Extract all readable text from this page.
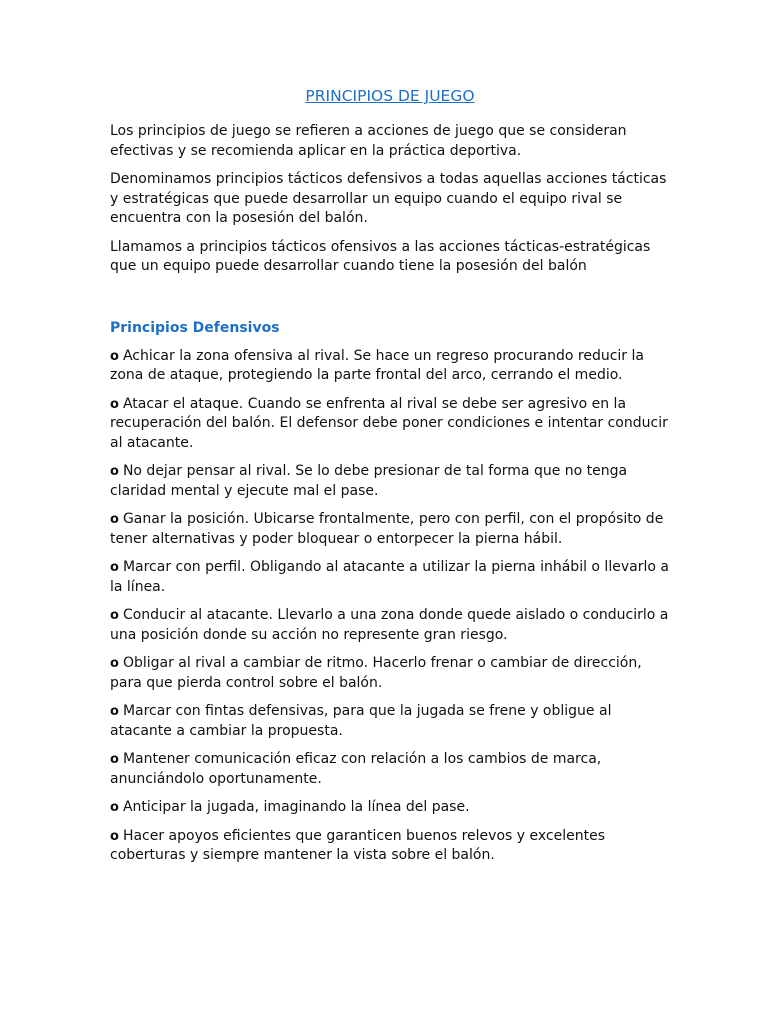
PRINCIPIOS DE JUEGO

Los principios de juego se refieren a acciones de juego que se consideran efectivas y se recomienda aplicar en la práctica deportiva.

Denominamos principios tácticos defensivos a todas aquellas acciones tácticas y estratégicas que puede desarrollar un equipo cuando el equipo rival se encuentra con la posesión del balón.

Llamamos a principios tácticos ofensivos a las acciones tácticas-estratégicas que un equipo puede desarrollar cuando tiene la posesión del balón

Principios Defensivos

o Achicar la zona ofensiva al rival. Se hace un regreso procurando reducir la zona de ataque, protegiendo la parte frontal del arco, cerrando el medio.

o Atacar el ataque. Cuando se enfrenta al rival se debe ser agresivo en la recuperación del balón. El defensor debe poner condiciones e intentar conducir al atacante.

o No dejar pensar al rival. Se lo debe presionar de tal forma que no tenga claridad mental y ejecute mal el pase.

o Ganar la posición. Ubicarse frontalmente, pero con perfil, con el propósito de tener alternativas y poder bloquear o entorpecer la pierna hábil.

o Marcar con perfil. Obligando al atacante a utilizar la pierna inhábil o llevarlo a la línea.

o Conducir al atacante. Llevarlo a una zona donde quede aislado o conducirlo a una posición donde su acción no represente gran riesgo.

o Obligar al rival a cambiar de ritmo. Hacerlo frenar o cambiar de dirección, para que pierda control sobre el balón.

o Marcar con fintas defensivas, para que la jugada se frene y obligue al atacante a cambiar la propuesta.

o Mantener comunicación eficaz con relación a los cambios de marca, anunciándolo oportunamente.

o Anticipar la jugada, imaginando la línea del pase.

o Hacer apoyos eficientes que garanticen buenos relevos y excelentes coberturas y siempre mantener la vista sobre el balón.
